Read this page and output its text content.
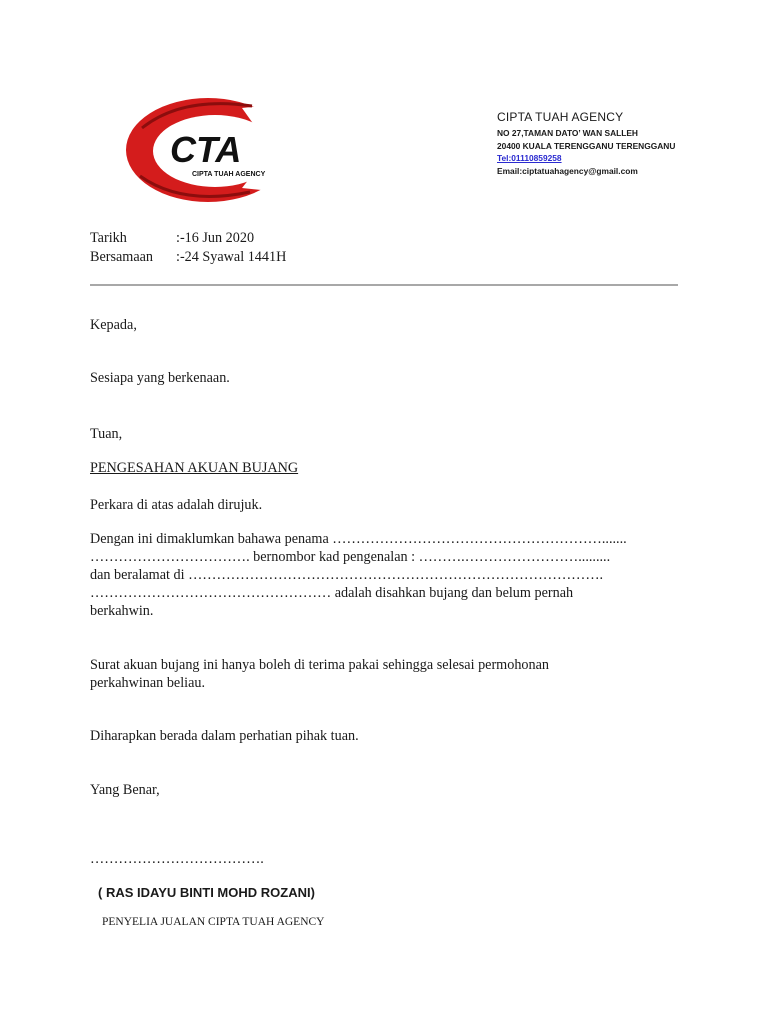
CTA
CIPTA TUAH AGENCY
CIPTA TUAH AGENCY
NO 27,TAMAN DATO’ WAN SALLEH
20400 KUALA TERENGGANU TERENGGANU
Tel:01110859258
Email:ciptatuahagency@gmail.com
Tarikh	:-16 Jun 2020
Bersamaan	:-24 Syawal 1441H
Kepada,
Sesiapa yang berkenaan.
Tuan,
PENGESAHAN AKUAN BUJANG
Perkara di atas adalah dirujuk.
Dengan ini dimaklumkan bahawa penama ………………………………………………….......
……………………………. bernombor kad pengenalan : ……….…………………….........
dan beralamat di …………………………………………………………………………….
…………………………………………… adalah disahkan bujang dan belum pernah
berkahwin.
Surat akuan bujang ini hanya boleh di terima pakai sehingga selesai permohonan
perkahwinan beliau.
Diharapkan berada dalam perhatian pihak tuan.
Yang Benar,
……………………………….
( RAS IDAYU BINTI MOHD ROZANI)
PENYELIA JUALAN CIPTA TUAH AGENCY
